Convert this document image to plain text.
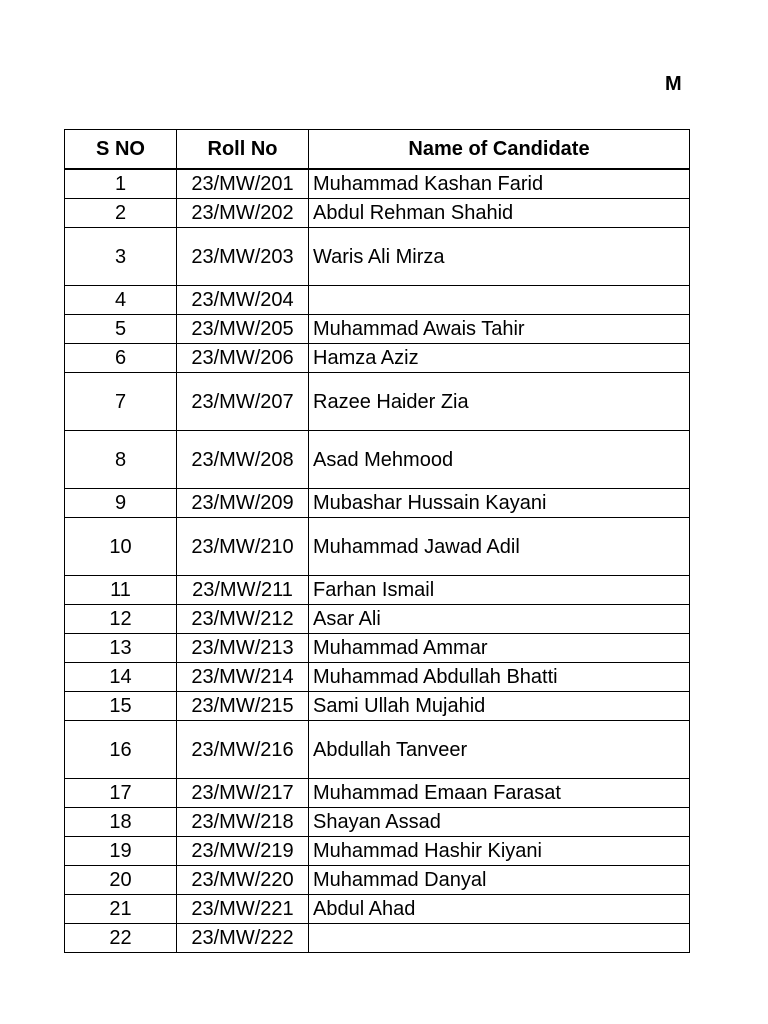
M
S NO	Roll No	Name of Candidate
1	23/MW/201	Muhammad Kashan Farid
2	23/MW/202	Abdul Rehman Shahid
3	23/MW/203	Waris Ali Mirza
4	23/MW/204	
5	23/MW/205	Muhammad Awais Tahir
6	23/MW/206	Hamza Aziz
7	23/MW/207	Razee Haider Zia
8	23/MW/208	Asad Mehmood
9	23/MW/209	Mubashar Hussain Kayani
10	23/MW/210	Muhammad Jawad Adil
11	23/MW/211	Farhan Ismail
12	23/MW/212	Asar Ali
13	23/MW/213	Muhammad Ammar
14	23/MW/214	Muhammad Abdullah Bhatti
15	23/MW/215	Sami Ullah Mujahid
16	23/MW/216	Abdullah Tanveer
17	23/MW/217	Muhammad Emaan Farasat
18	23/MW/218	Shayan Assad
19	23/MW/219	Muhammad Hashir Kiyani
20	23/MW/220	Muhammad Danyal
21	23/MW/221	Abdul Ahad
22	23/MW/222	
